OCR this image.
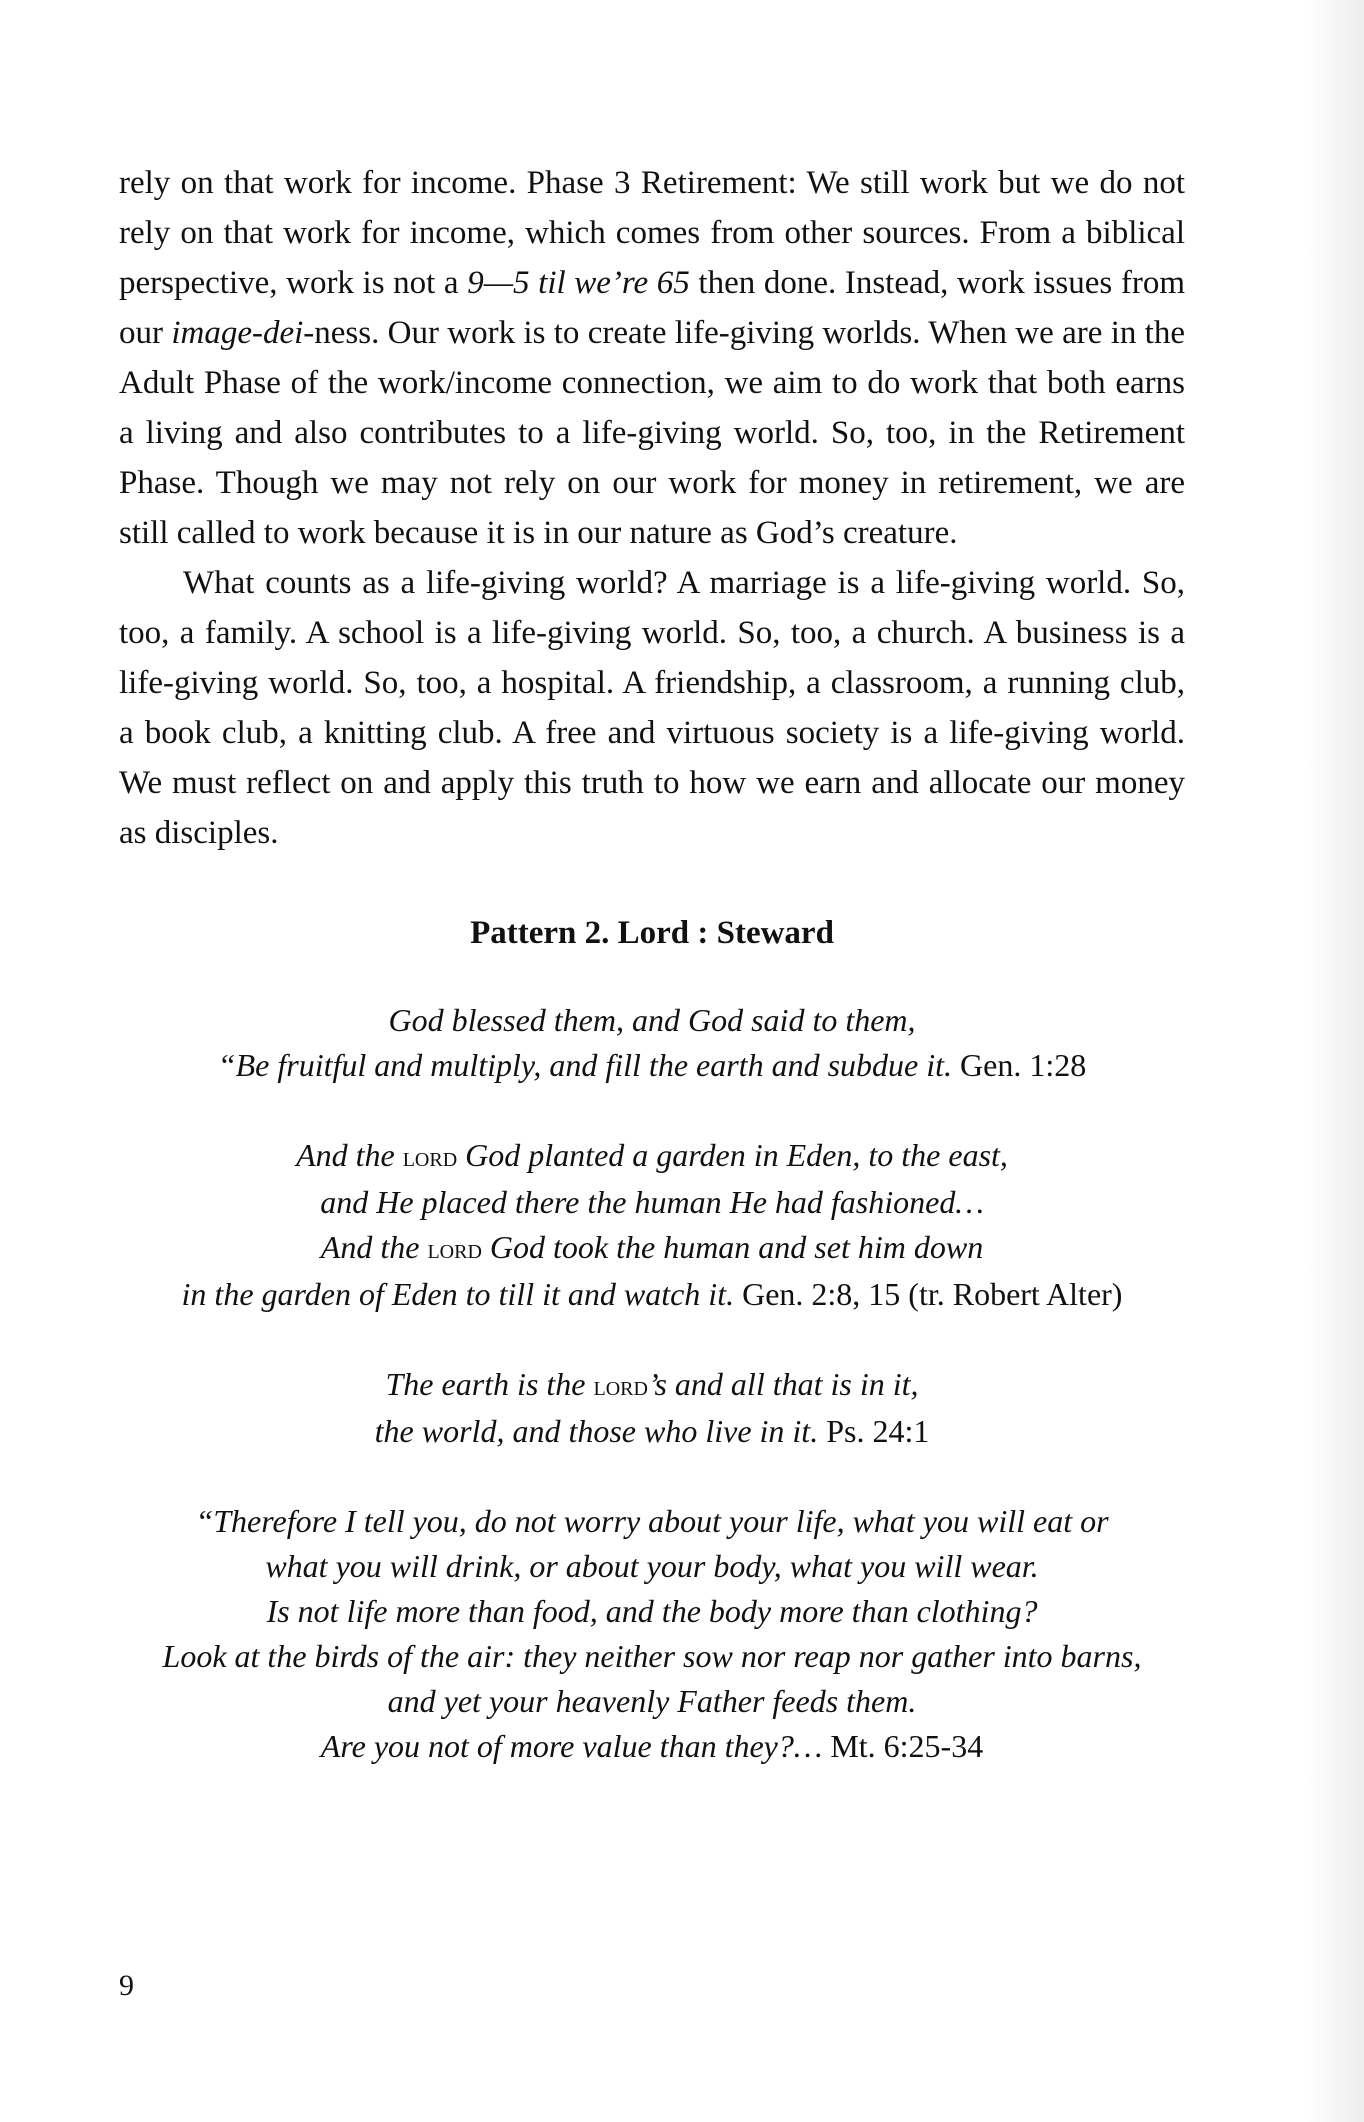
rely on that work for income. Phase 3 Retirement: We still work but we do not rely on that work for income, which comes from other sources. From a biblical perspective, work is not a 9—5 til we’re 65 then done. Instead, work issues from our image-dei-ness. Our work is to create life-giving worlds. When we are in the Adult Phase of the work/income connection, we aim to do work that both earns a living and also contributes to a life-giving world. So, too, in the Retirement Phase. Though we may not rely on our work for money in retirement, we are still called to work because it is in our nature as God’s creature.

What counts as a life-giving world? A marriage is a life-giving world. So, too, a family. A school is a life-giving world. So, too, a church. A business is a life-giving world. So, too, a hospital. A friendship, a classroom, a running club, a book club, a knitting club. A free and virtuous society is a life-giving world. We must reflect on and apply this truth to how we earn and allocate our money as disciples.

Pattern 2. Lord : Steward
God blessed them, and God said to them,
“Be fruitful and multiply, and fill the earth and subdue it. Gen. 1:28
And the lord God planted a garden in Eden, to the east,
and He placed there the human He had fashioned…
And the lord God took the human and set him down
in the garden of Eden to till it and watch it. Gen. 2:8, 15 (tr. Robert Alter)
The earth is the lord’s and all that is in it,
the world, and those who live in it. Ps. 24:1
“Therefore I tell you, do not worry about your life, what you will eat or
what you will drink, or about your body, what you will wear.
Is not life more than food, and the body more than clothing?
Look at the birds of the air: they neither sow nor reap nor gather into barns,
and yet your heavenly Father feeds them.
Are you not of more value than they?… Mt. 6:25-34
9
